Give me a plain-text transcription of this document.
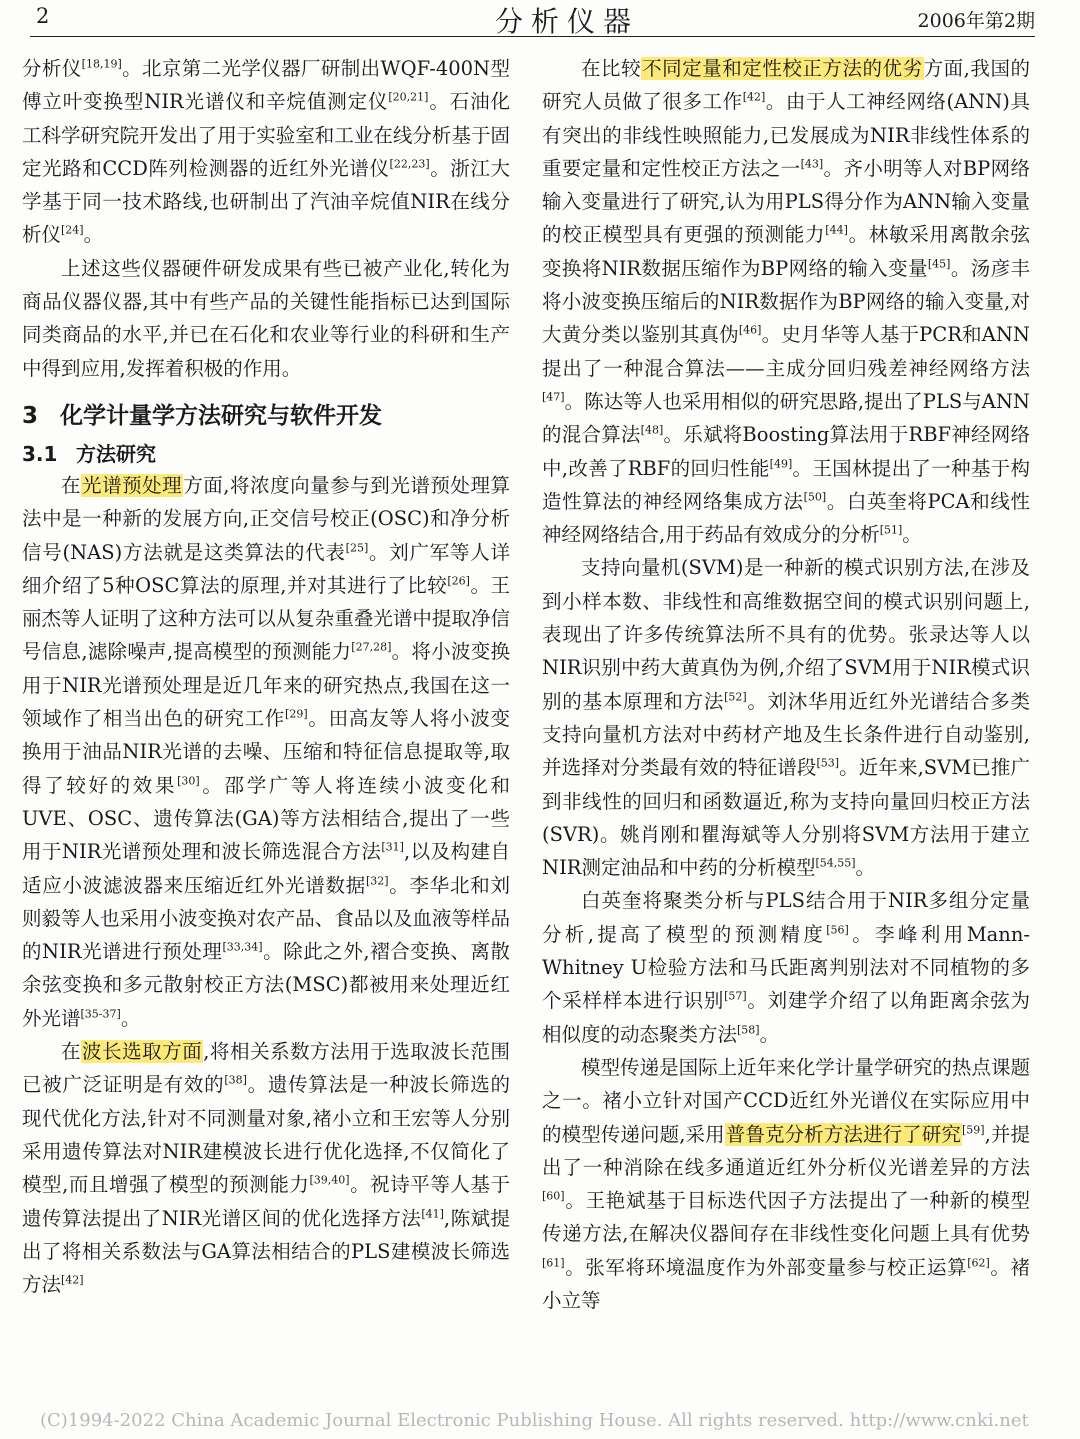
2	分析仪器	2006年第2期

分析仪[18,19]。北京第二光学仪器厂研制出WQF-400N型傅立叶变换型NIR光谱仪和辛烷值测定仪[20,21]。石油化工科学研究院开发出了用于实验室和工业在线分析基于固定光路和CCD阵列检测器的近红外光谱仪[22,23]。浙江大学基于同一技术路线,也研制出了汽油辛烷值NIR在线分析仪[24]。

上述这些仪器硬件研发成果有些已被产业化,转化为商品仪器仪器,其中有些产品的关键性能指标已达到国际同类商品的水平,并已在石化和农业等行业的科研和生产中得到应用,发挥着积极的作用。

3 化学计量学方法研究与软件开发
3.1 方法研究

在光谱预处理方面,将浓度向量参与到光谱预处理算法中是一种新的发展方向,正交信号校正(OSC)和净分析信号(NAS)方法就是这类算法的代表[25]。刘广军等人详细介绍了5种OSC算法的原理,并对其进行了比较[26]。王丽杰等人证明了这种方法可以从复杂重叠光谱中提取净信号信息,滤除噪声,提高模型的预测能力[27,28]。将小波变换用于NIR光谱预处理是近几年来的研究热点,我国在这一领域作了相当出色的研究工作[29]。田高友等人将小波变换用于油品NIR光谱的去噪、压缩和特征信息提取等,取得了较好的效果[30]。邵学广等人将连续小波变化和UVE、OSC、遗传算法(GA)等方法相结合,提出了一些用于NIR光谱预处理和波长筛选混合方法[31],以及构建自适应小波滤波器来压缩近红外光谱数据[32]。李华北和刘则毅等人也采用小波变换对农产品、食品以及血液等样品的NIR光谱进行预处理[33,34]。除此之外,褶合变换、离散余弦变换和多元散射校正方法(MSC)都被用来处理近红外光谱[35-37]。

在波长选取方面,将相关系数方法用于选取波长范围已被广泛证明是有效的[38]。遗传算法是一种波长筛选的现代优化方法,针对不同测量对象,褚小立和王宏等人分别采用遗传算法对NIR建模波长进行优化选择,不仅简化了模型,而且增强了模型的预测能力[39,40]。祝诗平等人基于遗传算法提出了NIR光谱区间的优化选择方法[41],陈斌提出了将相关系数法与GA算法相结合的PLS建模波长筛选方法[42]

在比较不同定量和定性校正方法的优劣方面,我国的研究人员做了很多工作[42]。由于人工神经网络(ANN)具有突出的非线性映照能力,已发展成为NIR非线性体系的重要定量和定性校正方法之一[43]。齐小明等人对BP网络输入变量进行了研究,认为用PLS得分作为ANN输入变量的校正模型具有更强的预测能力[44]。林敏采用离散余弦变换将NIR数据压缩作为BP网络的输入变量[45]。汤彦丰将小波变换压缩后的NIR数据作为BP网络的输入变量,对大黄分类以鉴别其真伪[46]。史月华等人基于PCR和ANN提出了一种混合算法——主成分回归残差神经网络方法[47]。陈达等人也采用相似的研究思路,提出了PLS与ANN的混合算法[48]。乐斌将Boosting算法用于RBF神经网络中,改善了RBF的回归性能[49]。王国林提出了一种基于构造性算法的神经网络集成方法[50]。白英奎将PCA和线性神经网络结合,用于药品有效成分的分析[51]。

支持向量机(SVM)是一种新的模式识别方法,在涉及到小样本数、非线性和高维数据空间的模式识别问题上,表现出了许多传统算法所不具有的优势。张录达等人以NIR识别中药大黄真伪为例,介绍了SVM用于NIR模式识别的基本原理和方法[52]。刘沐华用近红外光谱结合多类支持向量机方法对中药材产地及生长条件进行自动鉴别,并选择对分类最有效的特征谱段[53]。近年来,SVM已推广到非线性的回归和函数逼近,称为支持向量回归校正方法(SVR)。姚肖刚和瞿海斌等人分别将SVM方法用于建立NIR测定油品和中药的分析模型[54,55]。

白英奎将聚类分析与PLS结合用于NIR多组分定量分析,提高了模型的预测精度[56]。李峰利用Mann-Whitney U检验方法和马氏距离判别法对不同植物的多个采样样本进行识别[57]。刘建学介绍了以角距离余弦为相似度的动态聚类方法[58]。

模型传递是国际上近年来化学计量学研究的热点课题之一。褚小立针对国产CCD近红外光谱仪在实际应用中的模型传递问题,采用普鲁克分析方法进行了研究[59],并提出了一种消除在线多通道近红外分析仪光谱差异的方法[60]。王艳斌基于目标迭代因子方法提出了一种新的模型传递方法,在解决仪器间存在非线性变化问题上具有优势[61]。张军将环境温度作为外部变量参与校正运算[62]。褚小立等

(C)1994-2022 China Academic Journal Electronic Publishing House. All rights reserved. http://www.cnki.net
